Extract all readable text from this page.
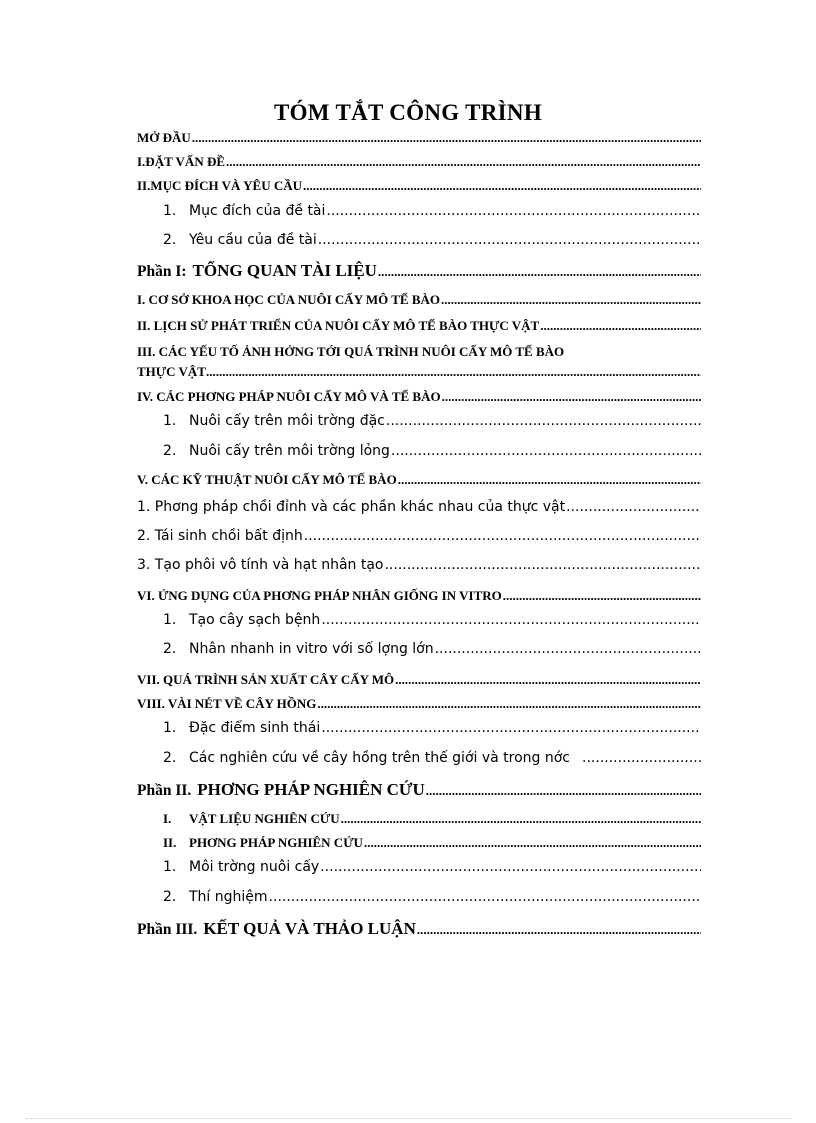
TÓM TẮT CÔNG TRÌNH
MỞ ĐẦU
.....
I.ĐẶT VẤN ĐỀ
.....
II.MỤC ĐÍCH VÀ YÊU CẦU
.....
1. Mục đích của đề tài
.....
2. Yêu cầu của đề tài
.....
Phần I: TỔNG QUAN TÀI LIỆU
.....
I. CƠ SỞ KHOA HỌC CỦA NUÔI CẤY MÔ TẾ BÀO
.....
II. LỊCH SỬ PHÁT TRIỂN CỦA NUÔI CẤY MÔ TẾ BÀO THỰC VẬT
.....
III. CÁC YẾU TỐ ẢNH HỞNG TỚI QUÁ TRÌNH NUÔI CẤY MÔ TẾ BÀO
THỰC VẬT
.....
IV. CÁC PHƠNG PHÁP NUÔI CẤY MÔ VÀ TẾ BÀO
.....
1. Nuôi cấy trên môi trờng đặc
.....
2. Nuôi cấy trên môi trờng lỏng
.....
V. CÁC KỸ THUẬT NUÔI CẤY MÔ TẾ BÀO
.....
1. Phơng pháp chồi đỉnh và các phần khác nhau của thực vật
.....
2. Tái sinh chồi bất định
.....
3. Tạo phôi vô tính và hạt nhân tạo
.....
VI. ỨNG DỤNG CỦA PHƠNG PHÁP NHÂN GIỐNG IN VITRO
.....
1. Tạo cây sạch bệnh
.....
2. Nhân nhanh in vitro với số lợng lớn
.....
VII. QUÁ TRÌNH SẢN XUẤT CÂY CẤY MÔ
.....
VIII. VÀI NÉT VỀ CÂY HỒNG
.....
1. Đặc điểm sinh thái
.....
2. Các nghiên cứu về cây hồng trên thế giới và trong nớc
.....
Phần II. PHƠNG PHÁP NGHIÊN CỨU
.....
I.	VẬT LIỆU NGHIÊN CỨU
.....
II. PHƠNG PHÁP NGHIÊN CỨU
.....
1. Môi trờng nuôi cấy
.....
2. Thí nghiệm
.....
Phần III. KẾT QUẢ VÀ THẢO LUẬN
.....
